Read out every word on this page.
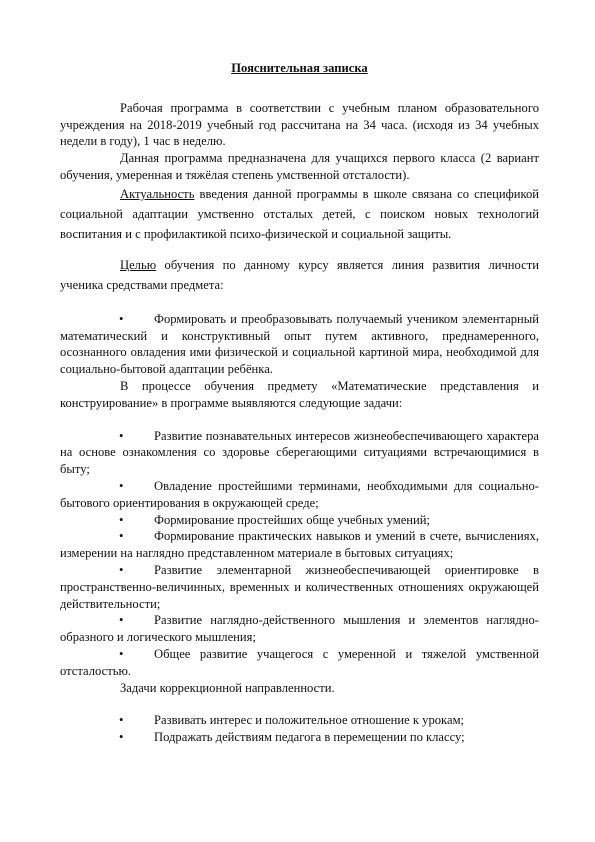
Пояснительная записка

Рабочая программа в соответствии с учебным планом образовательного учреждения на 2018-2019 учебный год рассчитана на 34 часа. (исходя из 34 учебных недели в году), 1 час в неделю.

Данная программа предназначена для учащихся первого класса (2 вариант обучения, умеренная и тяжёлая степень умственной отсталости).

Актуальность введения данной программы в школе связана со спецификой социальной адаптации умственно отсталых детей, с поиском новых технологий воспитания и с профилактикой психо-физической и социальной защиты.

Целью обучения по данному курсу является линия развития личности ученика средствами предмета:

• Формировать и преобразовывать получаемый учеником элементарный математический и конструктивный опыт путем активного, преднамеренного, осознанного овладения ими физической и социальной картиной мира, необходимой для социально-бытовой адаптации ребёнка.

В процессе обучения предмету «Математические представления и конструирование» в программе выявляются следующие задачи:

• Развитие познавательных интересов жизнеобеспечивающего характера на основе ознакомления со здоровье сберегающими ситуациями встречающимися в быту;
• Овладение простейшими терминами, необходимыми для социально-бытового ориентирования в окружающей среде;
• Формирование простейших обще учебных умений;
• Формирование практических навыков и умений в счете, вычислениях, измерении на наглядно представленном материале в бытовых ситуациях;
• Развитие элементарной жизнеобеспечивающей ориентировке в пространственно-величинных, временных и количественных отношениях окружающей действительности;
• Развитие наглядно-действенного мышления и элементов наглядно-образного и логического мышления;
• Общее развитие учащегося с умеренной и тяжелой умственной отсталостью.

Задачи коррекционной направленности.

• Развивать интерес и положительное отношение к урокам;
• Подражать действиям педагога в перемещении по классу;
